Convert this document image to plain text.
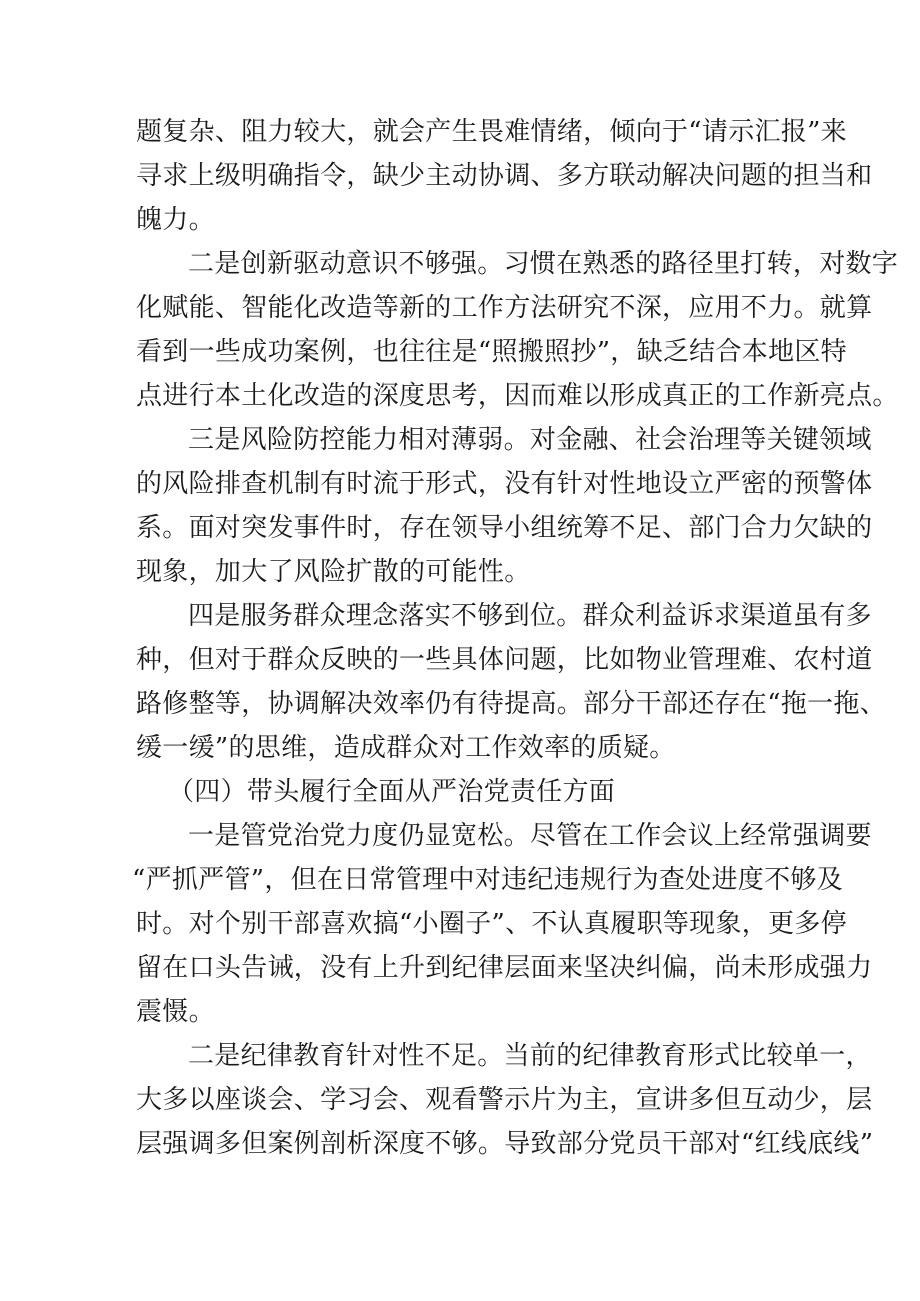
题复杂、阻力较大，就会产生畏难情绪，倾向于“请示汇报”来
寻求上级明确指令，缺少主动协调、多方联动解决问题的担当和
魄力。
二是创新驱动意识不够强。习惯在熟悉的路径里打转，对数字
化赋能、智能化改造等新的工作方法研究不深，应用不力。就算
看到一些成功案例，也往往是“照搬照抄”，缺乏结合本地区特
点进行本土化改造的深度思考，因而难以形成真正的工作新亮点。
三是风险防控能力相对薄弱。对金融、社会治理等关键领域
的风险排查机制有时流于形式，没有针对性地设立严密的预警体
系。面对突发事件时，存在领导小组统筹不足、部门合力欠缺的
现象，加大了风险扩散的可能性。
四是服务群众理念落实不够到位。群众利益诉求渠道虽有多
种，但对于群众反映的一些具体问题，比如物业管理难、农村道
路修整等，协调解决效率仍有待提高。部分干部还存在“拖一拖、
缓一缓”的思维，造成群众对工作效率的质疑。
（四）带头履行全面从严治党责任方面
一是管党治党力度仍显宽松。尽管在工作会议上经常强调要
“严抓严管”，但在日常管理中对违纪违规行为查处进度不够及
时。对个别干部喜欢搞“小圈子”、不认真履职等现象，更多停
留在口头告诫，没有上升到纪律层面来坚决纠偏，尚未形成强力
震慑。
二是纪律教育针对性不足。当前的纪律教育形式比较单一，
大多以座谈会、学习会、观看警示片为主，宣讲多但互动少，层
层强调多但案例剖析深度不够。导致部分党员干部对“红线底线”
